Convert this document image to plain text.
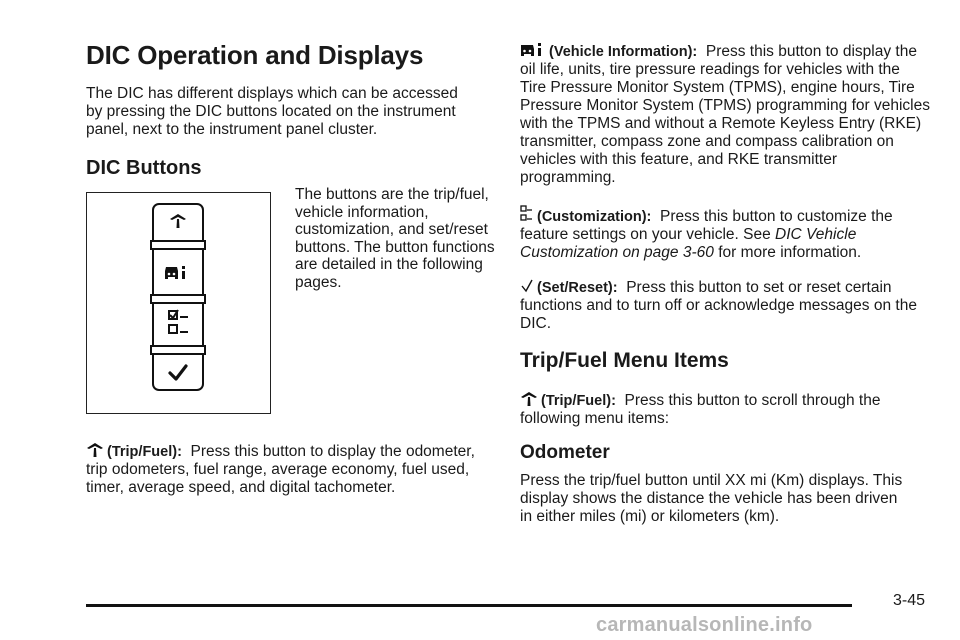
DIC Operation and Displays

The DIC has different displays which can be accessed by pressing the DIC buttons located on the instrument panel, next to the instrument panel cluster.

DIC Buttons

The buttons are the trip/fuel, vehicle information, customization, and set/reset buttons. The button functions are detailed in the following pages.

(Trip/Fuel): Press this button to display the odometer, trip odometers, fuel range, average economy, fuel used, timer, average speed, and digital tachometer.

(Vehicle Information): Press this button to display the oil life, units, tire pressure readings for vehicles with the Tire Pressure Monitor System (TPMS), engine hours, Tire Pressure Monitor System (TPMS) programming for vehicles with the TPMS and without a Remote Keyless Entry (RKE) transmitter, compass zone and compass calibration on vehicles with this feature, and RKE transmitter programming.

(Customization): Press this button to customize the feature settings on your vehicle. See DIC Vehicle Customization on page 3-60 for more information.

(Set/Reset): Press this button to set or reset certain functions and to turn off or acknowledge messages on the DIC.

Trip/Fuel Menu Items

(Trip/Fuel): Press this button to scroll through the following menu items:

Odometer

Press the trip/fuel button until XX mi (Km) displays. This display shows the distance the vehicle has been driven in either miles (mi) or kilometers (km).

3-45
carmanualsonline.info
